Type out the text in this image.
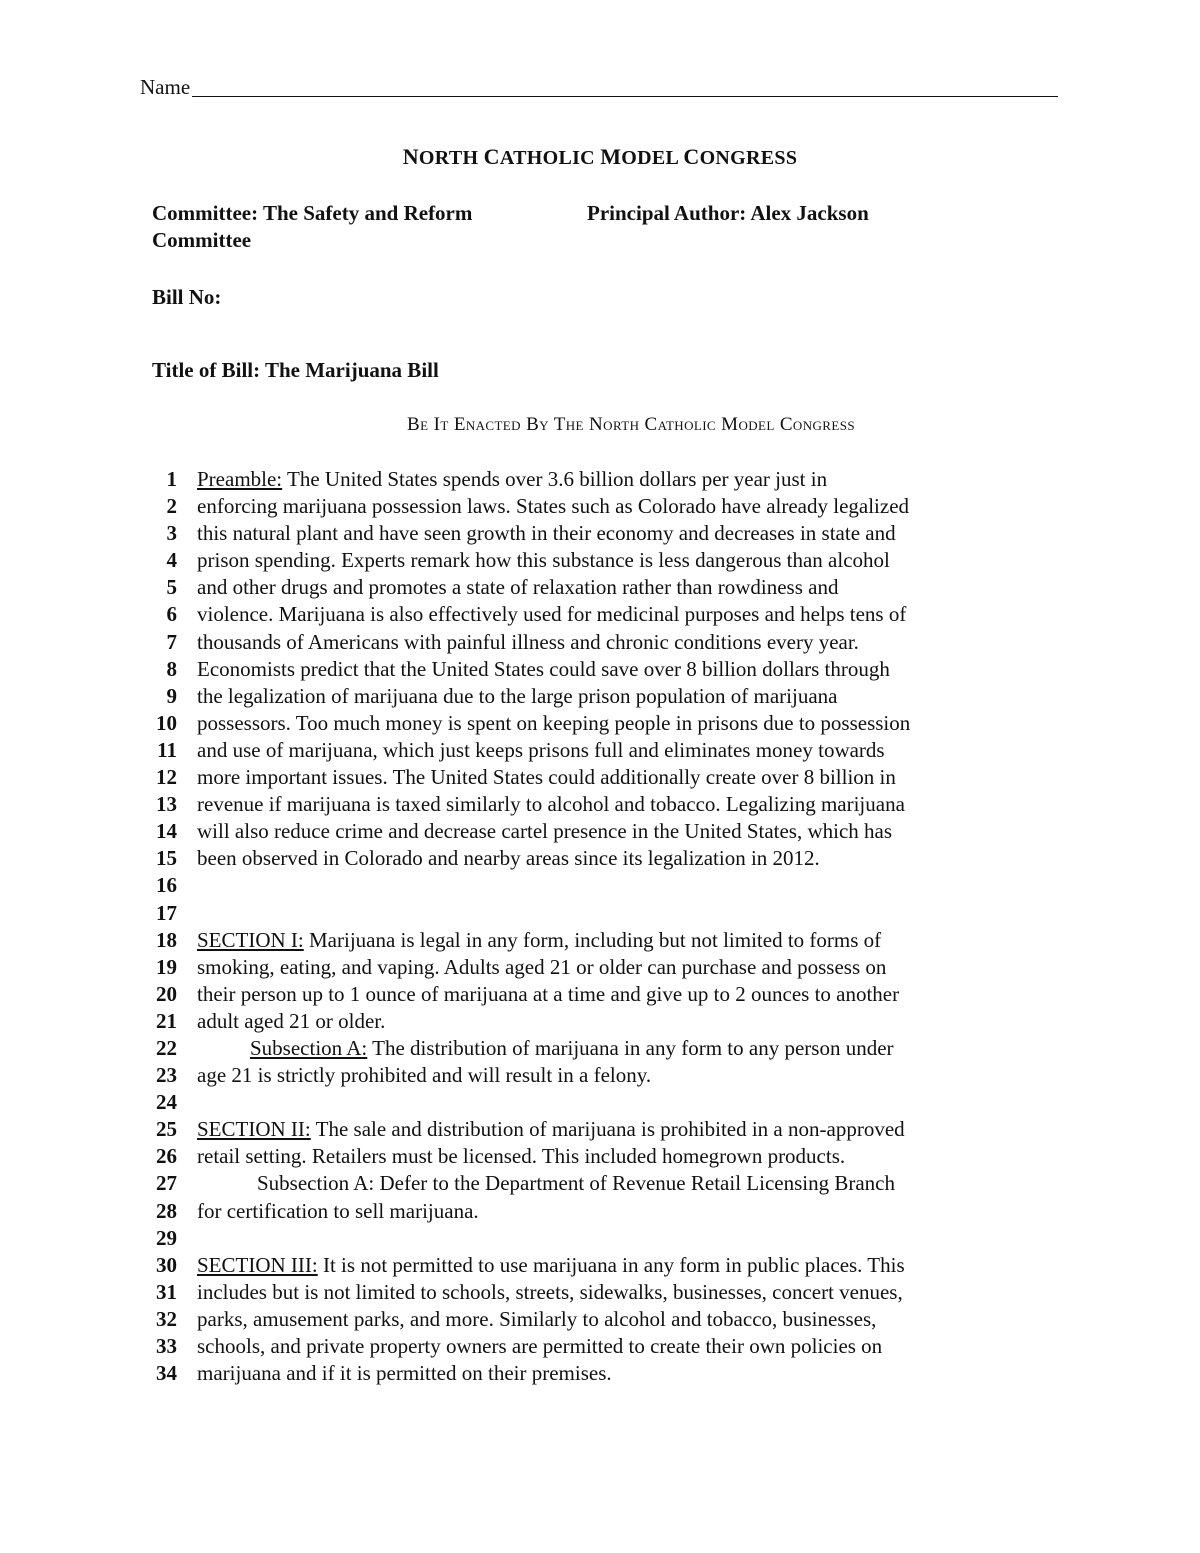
Name
NORTH CATHOLIC MODEL CONGRESS
Committee: The Safety and Reform Committee
Principal Author: Alex Jackson
Bill No:
Title of Bill: The Marijuana Bill
Be It Enacted By The North Catholic Model Congress
1 Preamble: The United States spends over 3.6 billion dollars per year just in
2 enforcing marijuana possession laws. States such as Colorado have already legalized
3 this natural plant and have seen growth in their economy and decreases in state and
4 prison spending. Experts remark how this substance is less dangerous than alcohol
5 and other drugs and promotes a state of relaxation rather than rowdiness and
6 violence. Marijuana is also effectively used for medicinal purposes and helps tens of
7 thousands of Americans with painful illness and chronic conditions every year.
8 Economists predict that the United States could save over 8 billion dollars through
9 the legalization of marijuana due to the large prison population of marijuana
10 possessors. Too much money is spent on keeping people in prisons due to possession
11 and use of marijuana, which just keeps prisons full and eliminates money towards
12 more important issues. The United States could additionally create over 8 billion in
13 revenue if marijuana is taxed similarly to alcohol and tobacco. Legalizing marijuana
14 will also reduce crime and decrease cartel presence in the United States, which has
15 been observed in Colorado and nearby areas since its legalization in 2012.
16
17
18 SECTION I: Marijuana is legal in any form, including but not limited to forms of
19 smoking, eating, and vaping. Adults aged 21 or older can purchase and possess on
20 their person up to 1 ounce of marijuana at a time and give up to 2 ounces to another
21 adult aged 21 or older.
22	Subsection A: The distribution of marijuana in any form to any person under
23 age 21 is strictly prohibited and will result in a felony.
24
25 SECTION II: The sale and distribution of marijuana is prohibited in a non-approved
26 retail setting. Retailers must be licensed. This included homegrown products.
27	Subsection A: Defer to the Department of Revenue Retail Licensing Branch
28 for certification to sell marijuana.
29
30 SECTION III: It is not permitted to use marijuana in any form in public places. This
31 includes but is not limited to schools, streets, sidewalks, businesses, concert venues,
32 parks, amusement parks, and more. Similarly to alcohol and tobacco, businesses,
33 schools, and private property owners are permitted to create their own policies on
34 marijuana and if it is permitted on their premises.
